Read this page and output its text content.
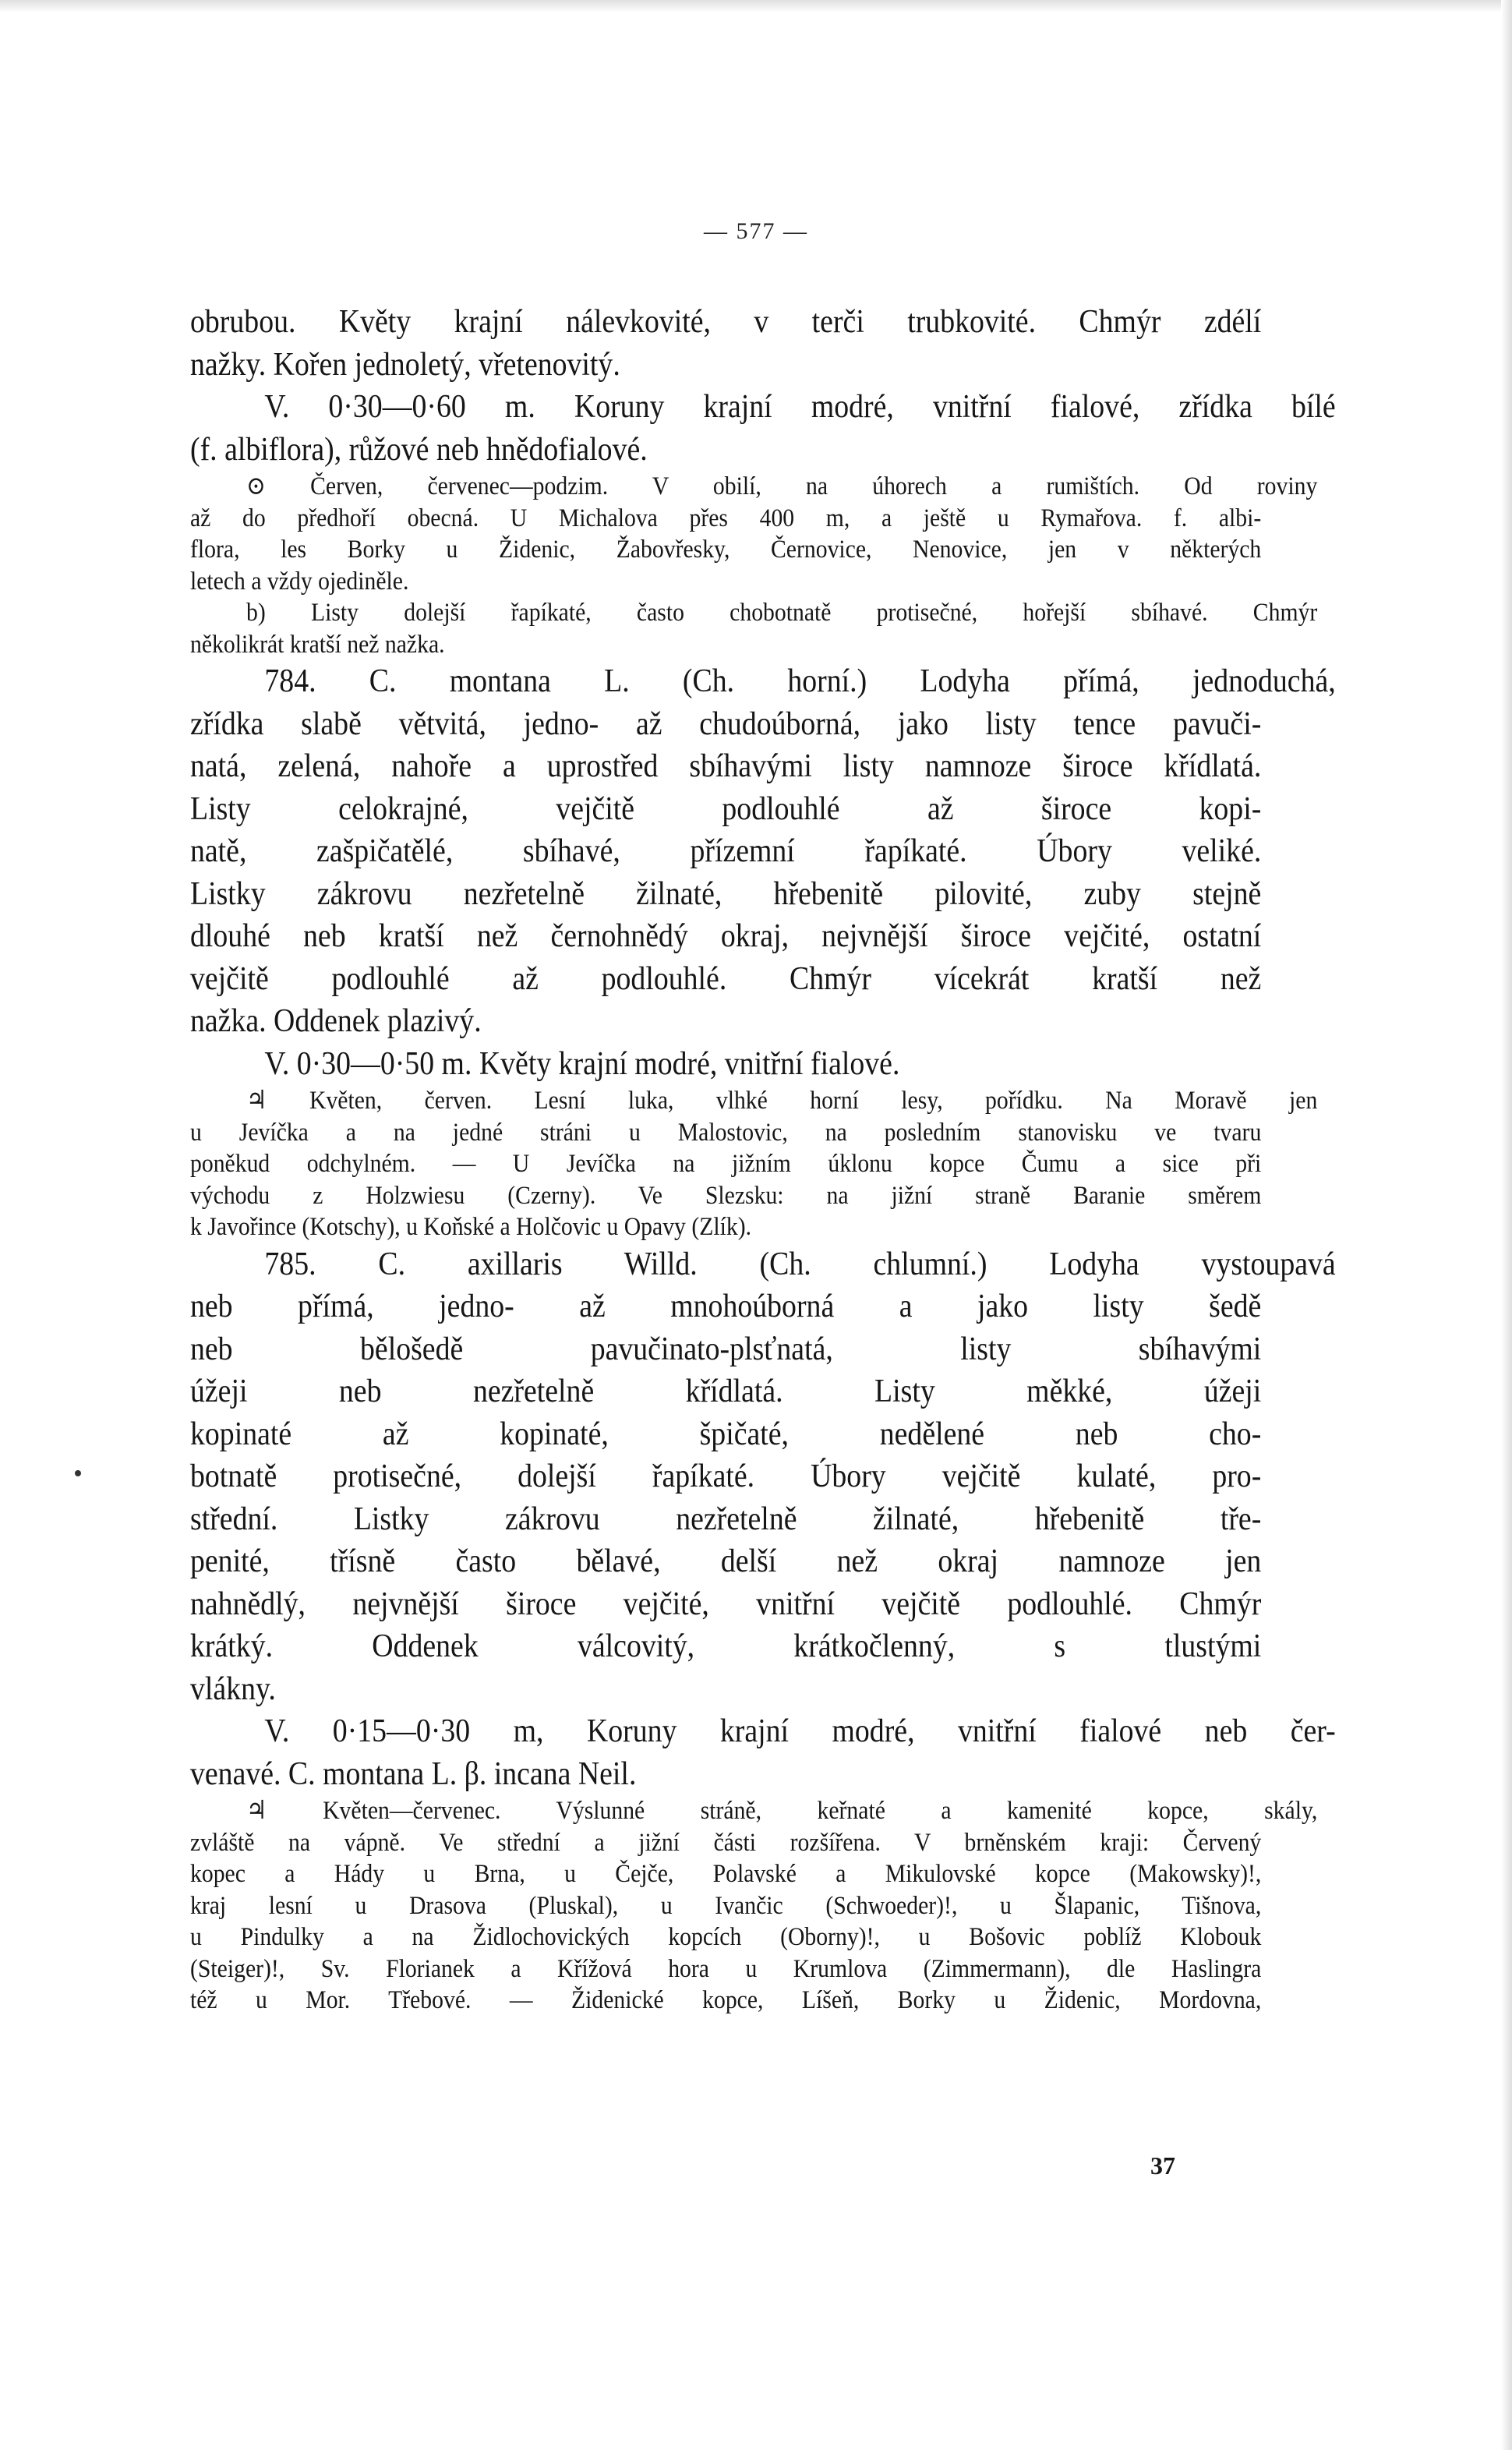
— 577 —
obrubou. Květy krajní nálevkovité, v terči trubkovité. Chmýr zdélí
nažky. Kořen jednoletý, vřetenovitý.
V. 0·30—0·60 m. Koruny krajní modré, vnitřní fialové, zřídka bílé
(f. albiflora), růžové neb hnědofialové.
⊙ Červen, červenec—podzim. V obilí, na úhorech a rumištích. Od roviny
až do předhoří obecná. U Michalova přes 400 m, a ještě u Rymařova. f. albi-
flora, les Borky u Židenic, Žabovřesky, Černovice, Nenovice, jen v některých
letech a vždy ojediněle.
b) Listy dolejší řapíkaté, často chobotnatě protisečné, hořejší sbíhavé. Chmýr
několikrát kratší než nažka.
784. C. montana L. (Ch. horní.) Lodyha přímá, jednoduchá,
zřídka slabě větvitá, jedno- až chudoúborná, jako listy tence pavuči-
natá, zelená, nahoře a uprostřed sbíhavými listy namnoze široce křídlatá.
Listy celokrajné, vejčitě podlouhlé až široce kopi-
natě, zašpičatělé, sbíhavé, přízemní řapíkaté. Úbory veliké.
Listky zákrovu nezřetelně žilnaté, hřebenitě pilovité, zuby stejně
dlouhé neb kratší než černohnědý okraj, nejvnější široce vejčité, ostatní
vejčitě podlouhlé až podlouhlé. Chmýr vícekrát kratší než
nažka. Oddenek plazivý.
V. 0·30—0·50 m. Květy krajní modré, vnitřní fialové.
♃ Květen, červen. Lesní luka, vlhké horní lesy, pořídku. Na Moravě jen
u Jevíčka a na jedné stráni u Malostovic, na posledním stanovisku ve tvaru
poněkud odchylném. — U Jevíčka na jižním úklonu kopce Čumu a sice při
východu z Holzwiesu (Czerny). Ve Slezsku: na jižní straně Baranie směrem
k Javořince (Kotschy), u Koňské a Holčovic u Opavy (Zlík).
785. C. axillaris Willd. (Ch. chlumní.) Lodyha vystoupavá
neb přímá, jedno- až mnohoúborná a jako listy šedě
neb bělošedě pavučinato-plsťnatá, listy sbíhavými
úžeji neb nezřetelně křídlatá. Listy měkké, úžeji
kopinaté až kopinaté, špičaté, nedělené neb cho-
botnatě protisečné, dolejší řapíkaté. Úbory vejčitě kulaté, pro-
střední. Listky zákrovu nezřetelně žilnaté, hřebenitě tře-
penité, třísně často bělavé, delší než okraj namnoze jen
nahnědlý, nejvnější široce vejčité, vnitřní vejčitě podlouhlé. Chmýr
krátký. Oddenek válcovitý, krátkočlenný, s tlustými
vlákny.
V. 0·15—0·30 m, Koruny krajní modré, vnitřní fialové neb čer-
venavé. C. montana L. β. incana Neil.
♃ Květen—červenec. Výslunné stráně, keřnaté a kamenité kopce, skály,
zvláště na vápně. Ve střední a jižní části rozšířena. V brněnském kraji: Červený
kopec a Hády u Brna, u Čejče, Polavské a Mikulovské kopce (Makowsky)!,
kraj lesní u Drasova (Pluskal), u Ivančic (Schwoeder)!, u Šlapanic, Tišnova,
u Pindulky a na Židlochovických kopcích (Oborny)!, u Bošovic poblíž Klobouk
(Steiger)!, Sv. Florianek a Křížová hora u Krumlova (Zimmermann), dle Haslingra
též u Mor. Třebové. — Židenické kopce, Líšeň, Borky u Židenic, Mordovna,
37
